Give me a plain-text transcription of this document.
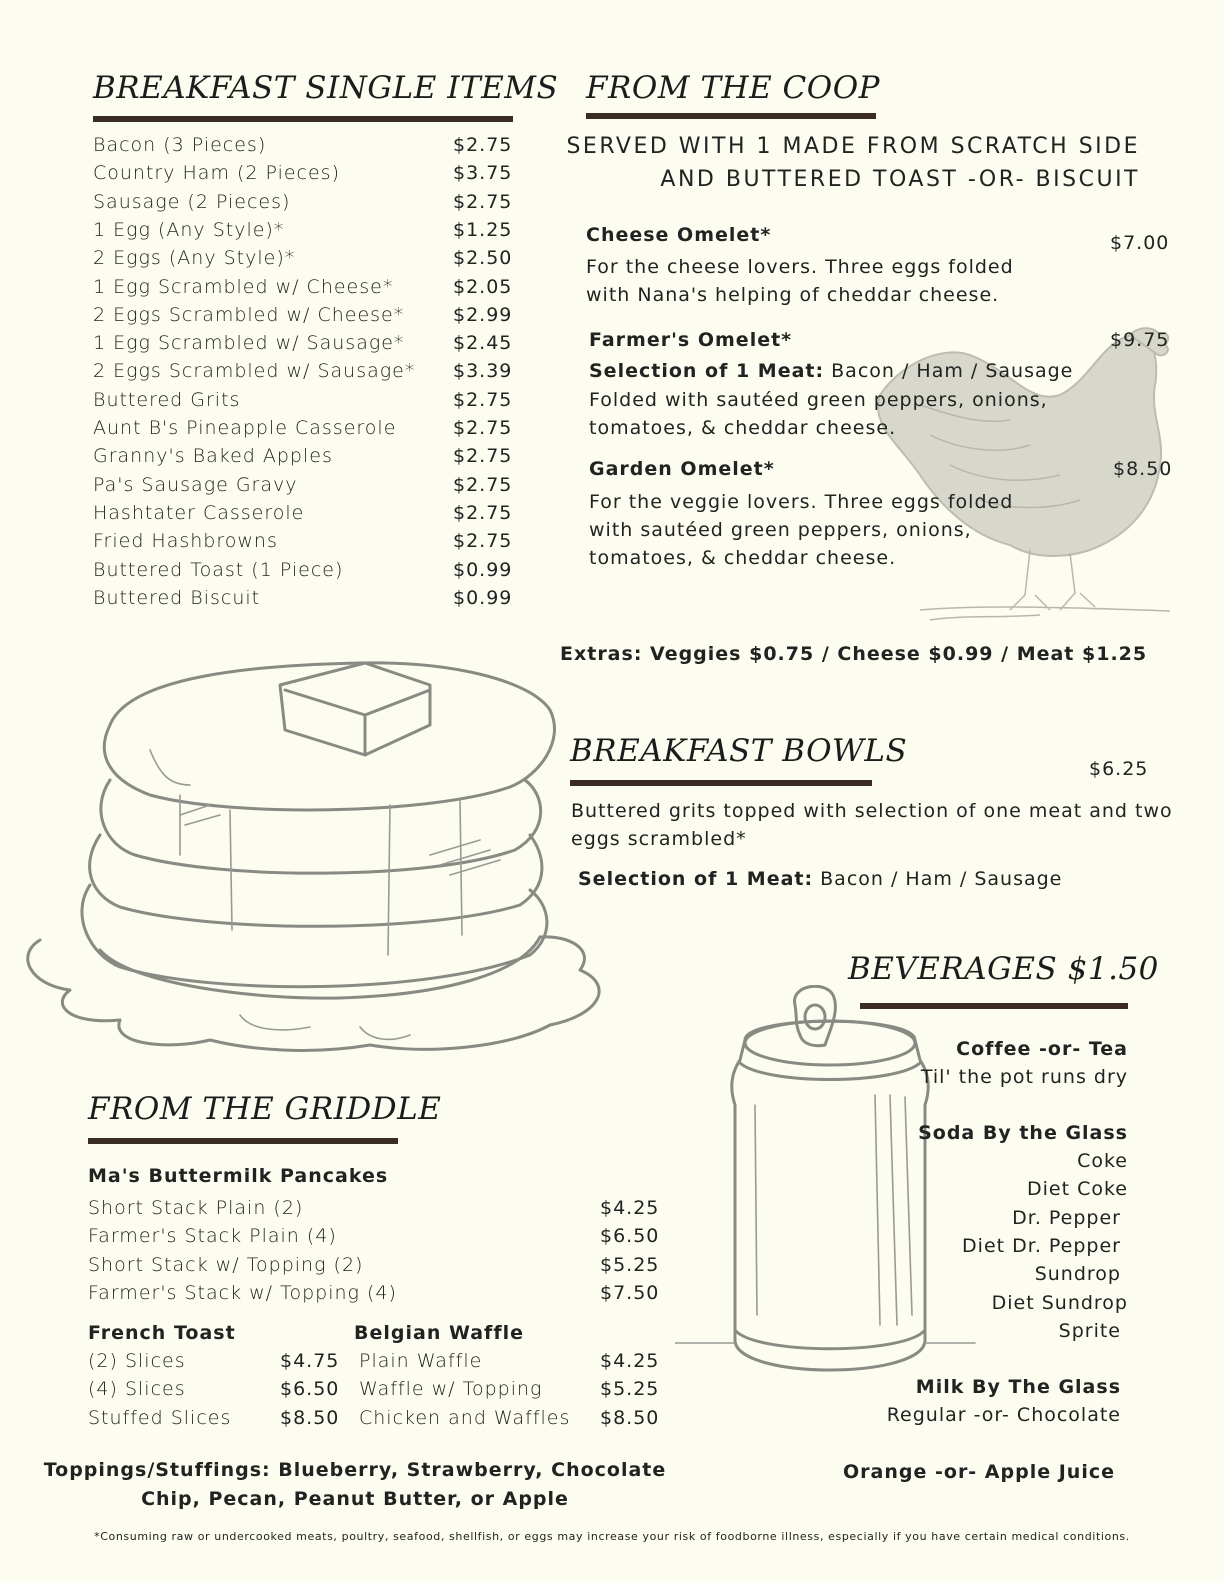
BREAKFAST SINGLE ITEMS
Bacon (3 Pieces)	$2.75
Country Ham (2 Pieces)	$3.75
Sausage (2 Pieces)	$2.75
1 Egg (Any Style)*	$1.25
2 Eggs (Any Style)*	$2.50
1 Egg Scrambled w/ Cheese*	$2.05
2 Eggs Scrambled w/ Cheese*	$2.99
1 Egg Scrambled w/ Sausage*	$2.45
2 Eggs Scrambled w/ Sausage* $3.39
Buttered Grits	$2.75
Aunt B's Pineapple Casserole	$2.75
Granny's Baked Apples	$2.75
Pa's Sausage Gravy	$2.75
Hashtater Casserole	$2.75
Fried Hashbrowns	$2.75
Buttered Toast (1 Piece)	$0.99
Buttered Biscuit	$0.99
FROM THE COOP
SERVED WITH 1 MADE FROM SCRATCH SIDE
AND BUTTERED TOAST -OR- BISCUIT
Cheese Omelet*	$7.00
For the cheese lovers. Three eggs folded
with Nana's helping of cheddar cheese.
Farmer's Omelet*	$9.75
Selection of 1 Meat: Bacon / Ham / Sausage
Folded with sautéed green peppers, onions,
tomatoes, & cheddar cheese.
Garden Omelet*	$8.50
For the veggie lovers. Three eggs folded
with sautéed green peppers, onions,
tomatoes, & cheddar cheese.
Extras: Veggies $0.75 / Cheese $0.99 / Meat $1.25
BREAKFAST BOWLS	$6.25
Buttered grits topped with selection of one meat and two
eggs scrambled*
Selection of 1 Meat: Bacon / Ham / Sausage
BEVERAGES $1.50
Coffee -or- Tea
Til' the pot runs dry
Soda By the Glass
Coke
Diet Coke
Dr. Pepper
Diet Dr. Pepper
Sundrop
Diet Sundrop
Sprite
Milk By The Glass
Regular -or- Chocolate
Orange -or- Apple Juice
FROM THE GRIDDLE
Ma's Buttermilk Pancakes
Short Stack Plain (2)	$4.25
Farmer's Stack Plain (4)	$6.50
Short Stack w/ Topping (2)	$5.25
Farmer's Stack w/ Topping (4)	$7.50
French Toast	Belgian Waffle
(2) Slices	$4.75
(4) Slices	$6.50
Stuffed Slices	$8.50
Plain Waffle	$4.25
Waffle w/ Topping	$5.25
Chicken and Waffles $8.50
Toppings/Stuffings: Blueberry, Strawberry, Chocolate
Chip, Pecan, Peanut Butter, or Apple
*Consuming raw or undercooked meats, poultry, seafood, shellfish, or eggs may increase your risk of foodborne illness, especially if you have certain medical conditions.
